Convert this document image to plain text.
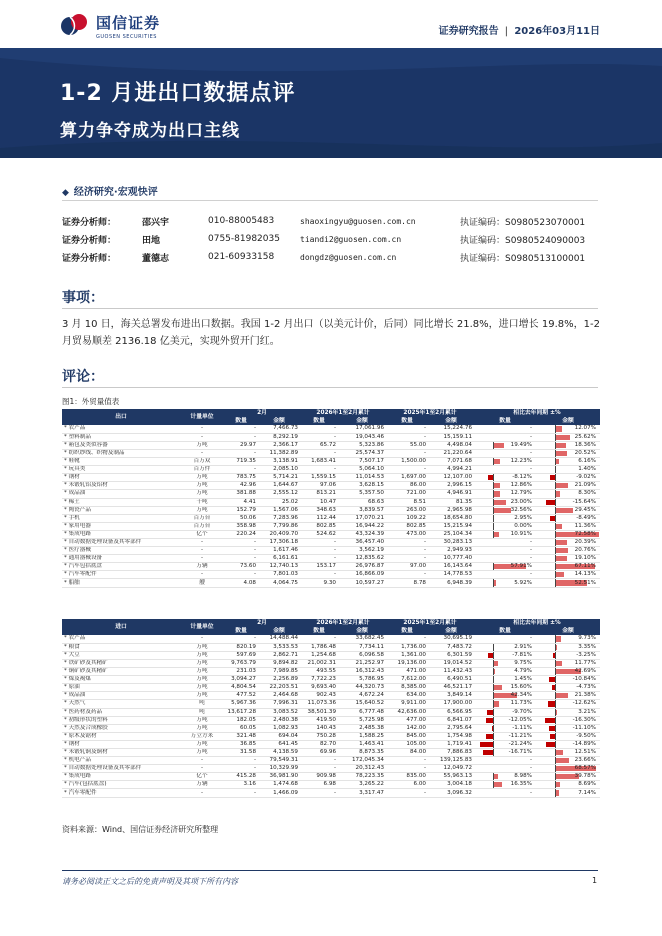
国信证券
GUOSEN SECURITIES	证券研究报告 | 2026年03月11日
1-2 月进出口数据点评
算力争夺成为出口主线
◆ 经济研究·宏观快评
证券分析师：	邵兴宇	010-88005483	shaoxingyu@guosen.com.cn	执证编码：S0980523070001
证券分析师：	田地	0755-81982035	tiandi2@guosen.com.cn	执证编码：S0980524090003
证券分析师：	董德志	021-60933158	dongdz@guosen.com.cn	执证编码：S0980513100001
事项：
3 月 10 日，海关总署发布进出口数据。我国 1-2 月出口（以美元计价，后同）同比增长 21.8%，进口增长 19.8%，1-2 月贸易顺差 2136.18 亿美元，实现外贸开门红。
评论：
图1：外贸量值表
出口	计量单位	2月		2026年1至2月累计		2025年1至2月累计		相比去年同期 ±%	
		数量	金额	数量	金额	数量	金额	数量	金额
* 农产品	-	-	7,466.73	-	17,061.96	-	15,224.76	-	12.07%

* 塑料制品	-	-	8,292.19	-	19,043.46	-	15,159.11	-	25.62%

* 箱包及类似容器	万吨	29.97	2,366.17	65.72	5,323.86	55.00	4,498.04	19.49%	18.36%

* 纺织纱线、织物及制品	-	-	11,382.89	-	25,574.37	-	21,220.64	-	20.52%

* 鞋靴	百万双	719.35	3,138.91	1,683.41	7,507.17	1,500.00	7,071.68	12.23%	6.16%

* 玩具类	百万件	-	2,085.10	-	5,064.10	-	4,994.21	-	1.40%

* 钢材	万吨	783.75	5,714.21	1,559.15	11,014.53	1,697.00	12,107.00	-8.12%	-9.02%

* 未锻轧铝及铝材	万吨	42.96	1,644.67	97.06	3,628.15	86.00	2,996.15	12.86%	21.09%

* 成品油	万吨	381.88	2,555.12	813.21	5,357.50	721.00	4,946.91	12.79%	8.30%

* 稀土	千吨	4.41	25.02	10.47	68.63	8.51	81.35	23.00%	-15.64%

* 陶瓷产品	万吨	152.79	1,567.06	348.63	3,839.57	263.00	2,965.98	32.56%	29.45%

* 手机	百万台	50.06	7,283.96	112.44	17,070.21	109.22	18,654.80	2.95%	-8.49%

* 家用电器	百万台	358.98	7,799.86	802.85	16,944.22	802.85	15,215.94	0.00%	11.36%

* 集成电路	亿个	220.24	20,409.70	524.62	43,324.39	473.00	25,104.34	10.91%	72.58%

* 自动数据处理设备及其零部件	-	-	17,306.18	-	36,457.40	-	30,283.13	-	20.39%

* 医疗器械	-	-	1,617.46	-	3,562.19	-	2,949.93	-	20.76%

* 通用器械设备	-	-	6,161.61	-	12,835.62	-	10,777.40	-	19.10%

* 汽车包括底盘	万辆	73.60	12,740.13	153.17	26,976.87	97.00	16,143.64	57.91%	67.11%

* 汽车零配件	-	-	7,801.03	-	16,866.09	-	14,778.53	-	14.13%

* 船舶	艘	4.08	4,064.75	9.30	10,597.27	8.78	6,948.39	5.92%	52.51%
进口	计量单位	2月		2026年1至2月累计		2025年1至2月累计		相比去年同期 ±%	
		数量	金额	数量	金额	数量	金额	数量	金额
* 农产品	-	-	14,488.44	-	33,682.45	-	30,695.19	-	9.73%

* 粮食	万吨	820.19	3,533.53	1,786.48	7,734.11	1,736.00	7,483.72	2.91%	3.35%

* 大豆	万吨	597.69	2,862.71	1,254.68	6,096.58	1,361.00	6,301.59	-7.81%	-3.25%

* 铁矿砂及其精矿	万吨	9,763.79	9,894.82	21,002.31	21,252.97	19,136.00	19,014.52	9.75%	11.77%

* 铜矿砂及其精矿	万吨	231.03	7,989.85	493.55	16,312.43	471.00	11,432.43	4.79%	42.69%

* 煤及褐煤	万吨	3,094.27	2,256.89	7,722.23	5,786.95	7,612.00	6,490.51	1.45%	-10.84%

* 原油	万吨	4,804.54	22,203.51	9,693.40	44,320.73	8,385.00	46,521.17	15.60%	-4.73%

* 成品油	万吨	477.52	2,464.68	902.43	4,672.24	634.00	3,849.14	42.34%	21.38%

* 天然气	吨	5,967.36	7,996.31	11,073.36	15,640.52	9,911.00	17,900.00	11.73%	-12.62%

* 医药材及药品	吨	13,617.28	3,083.52	38,501.39	6,777.48	42,636.00	6,566.95	-9.70%	3.21%

* 初级形状的塑料	万吨	182.05	2,480.38	419.50	5,725.98	477.00	6,841.07	-12.05%	-16.30%

* 天然及合成橡胶	万吨	60.05	1,082.93	140.43	2,485.38	142.00	2,795.64	-1.11%	-11.10%

* 原木及锯材	万立方米	321.48	694.04	750.28	1,588.25	845.00	1,754.98	-11.21%	-9.50%

* 钢材	万吨	36.85	641.45	82.70	1,463.41	105.00	1,719.41	-21.24%	-14.89%

* 未锻轧铜及铜材	万吨	31.58	4,138.59	69.96	8,873.35	84.00	7,886.83	-16.71%	12.51%

* 机电产品	-	-	79,549.31	-	172,045.34	-	139,125.83	-	23.66%

* 自动数据处理设备及其零部件	-	-	10,329.99	-	20,312.43	-	12,049.72	-	68.57%

* 集成电路	亿个	415.28	36,981.90	909.98	78,223.35	835.00	55,963.13	8.98%	39.78%

* 汽车(包括底盘)	万辆	3.16	1,474.68	6.98	3,265.22	6.00	3,004.18	16.35%	8.69%

* 汽车零配件	-	-	1,466.09	-	3,317.47	-	3,096.32	-	7.14%
资料来源：Wind、国信证券经济研究所整理
请务必阅读正文之后的免责声明及其项下所有内容	1
